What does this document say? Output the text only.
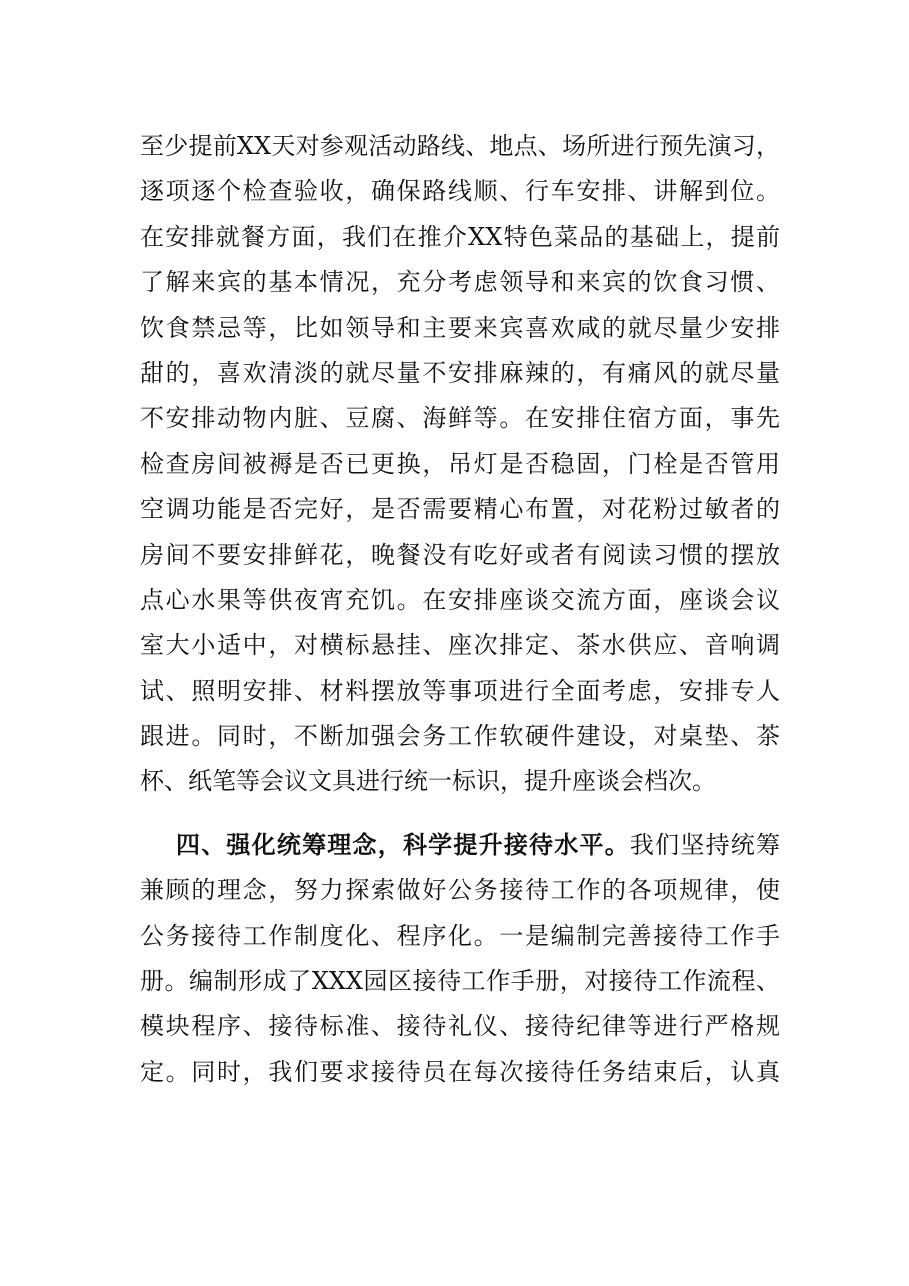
至少提前XX天对参观活动路线、地点、场所进行预先演习，
逐项逐个检查验收，确保路线顺、行车安排、讲解到位。
在安排就餐方面，我们在推介XX特色菜品的基础上，提前
了解来宾的基本情况，充分考虑领导和来宾的饮食习惯、
饮食禁忌等，比如领导和主要来宾喜欢咸的就尽量少安排
甜的，喜欢清淡的就尽量不安排麻辣的，有痛风的就尽量
不安排动物内脏、豆腐、海鲜等。在安排住宿方面，事先
检查房间被褥是否已更换，吊灯是否稳固，门栓是否管用
空调功能是否完好，是否需要精心布置，对花粉过敏者的
房间不要安排鲜花，晚餐没有吃好或者有阅读习惯的摆放
点心水果等供夜宵充饥。在安排座谈交流方面，座谈会议
室大小适中，对横标悬挂、座次排定、茶水供应、音响调
试、照明安排、材料摆放等事项进行全面考虑，安排专人
跟进。同时，不断加强会务工作软硬件建设，对桌垫、茶
杯、纸笔等会议文具进行统一标识，提升座谈会档次。
四、强化统筹理念，科学提升接待水平。我们坚持统筹
兼顾的理念，努力探索做好公务接待工作的各项规律，使
公务接待工作制度化、程序化。一是编制完善接待工作手
册。编制形成了XXX园区接待工作手册，对接待工作流程、
模块程序、接待标准、接待礼仪、接待纪律等进行严格规
定。同时，我们要求接待员在每次接待任务结束后，认真
